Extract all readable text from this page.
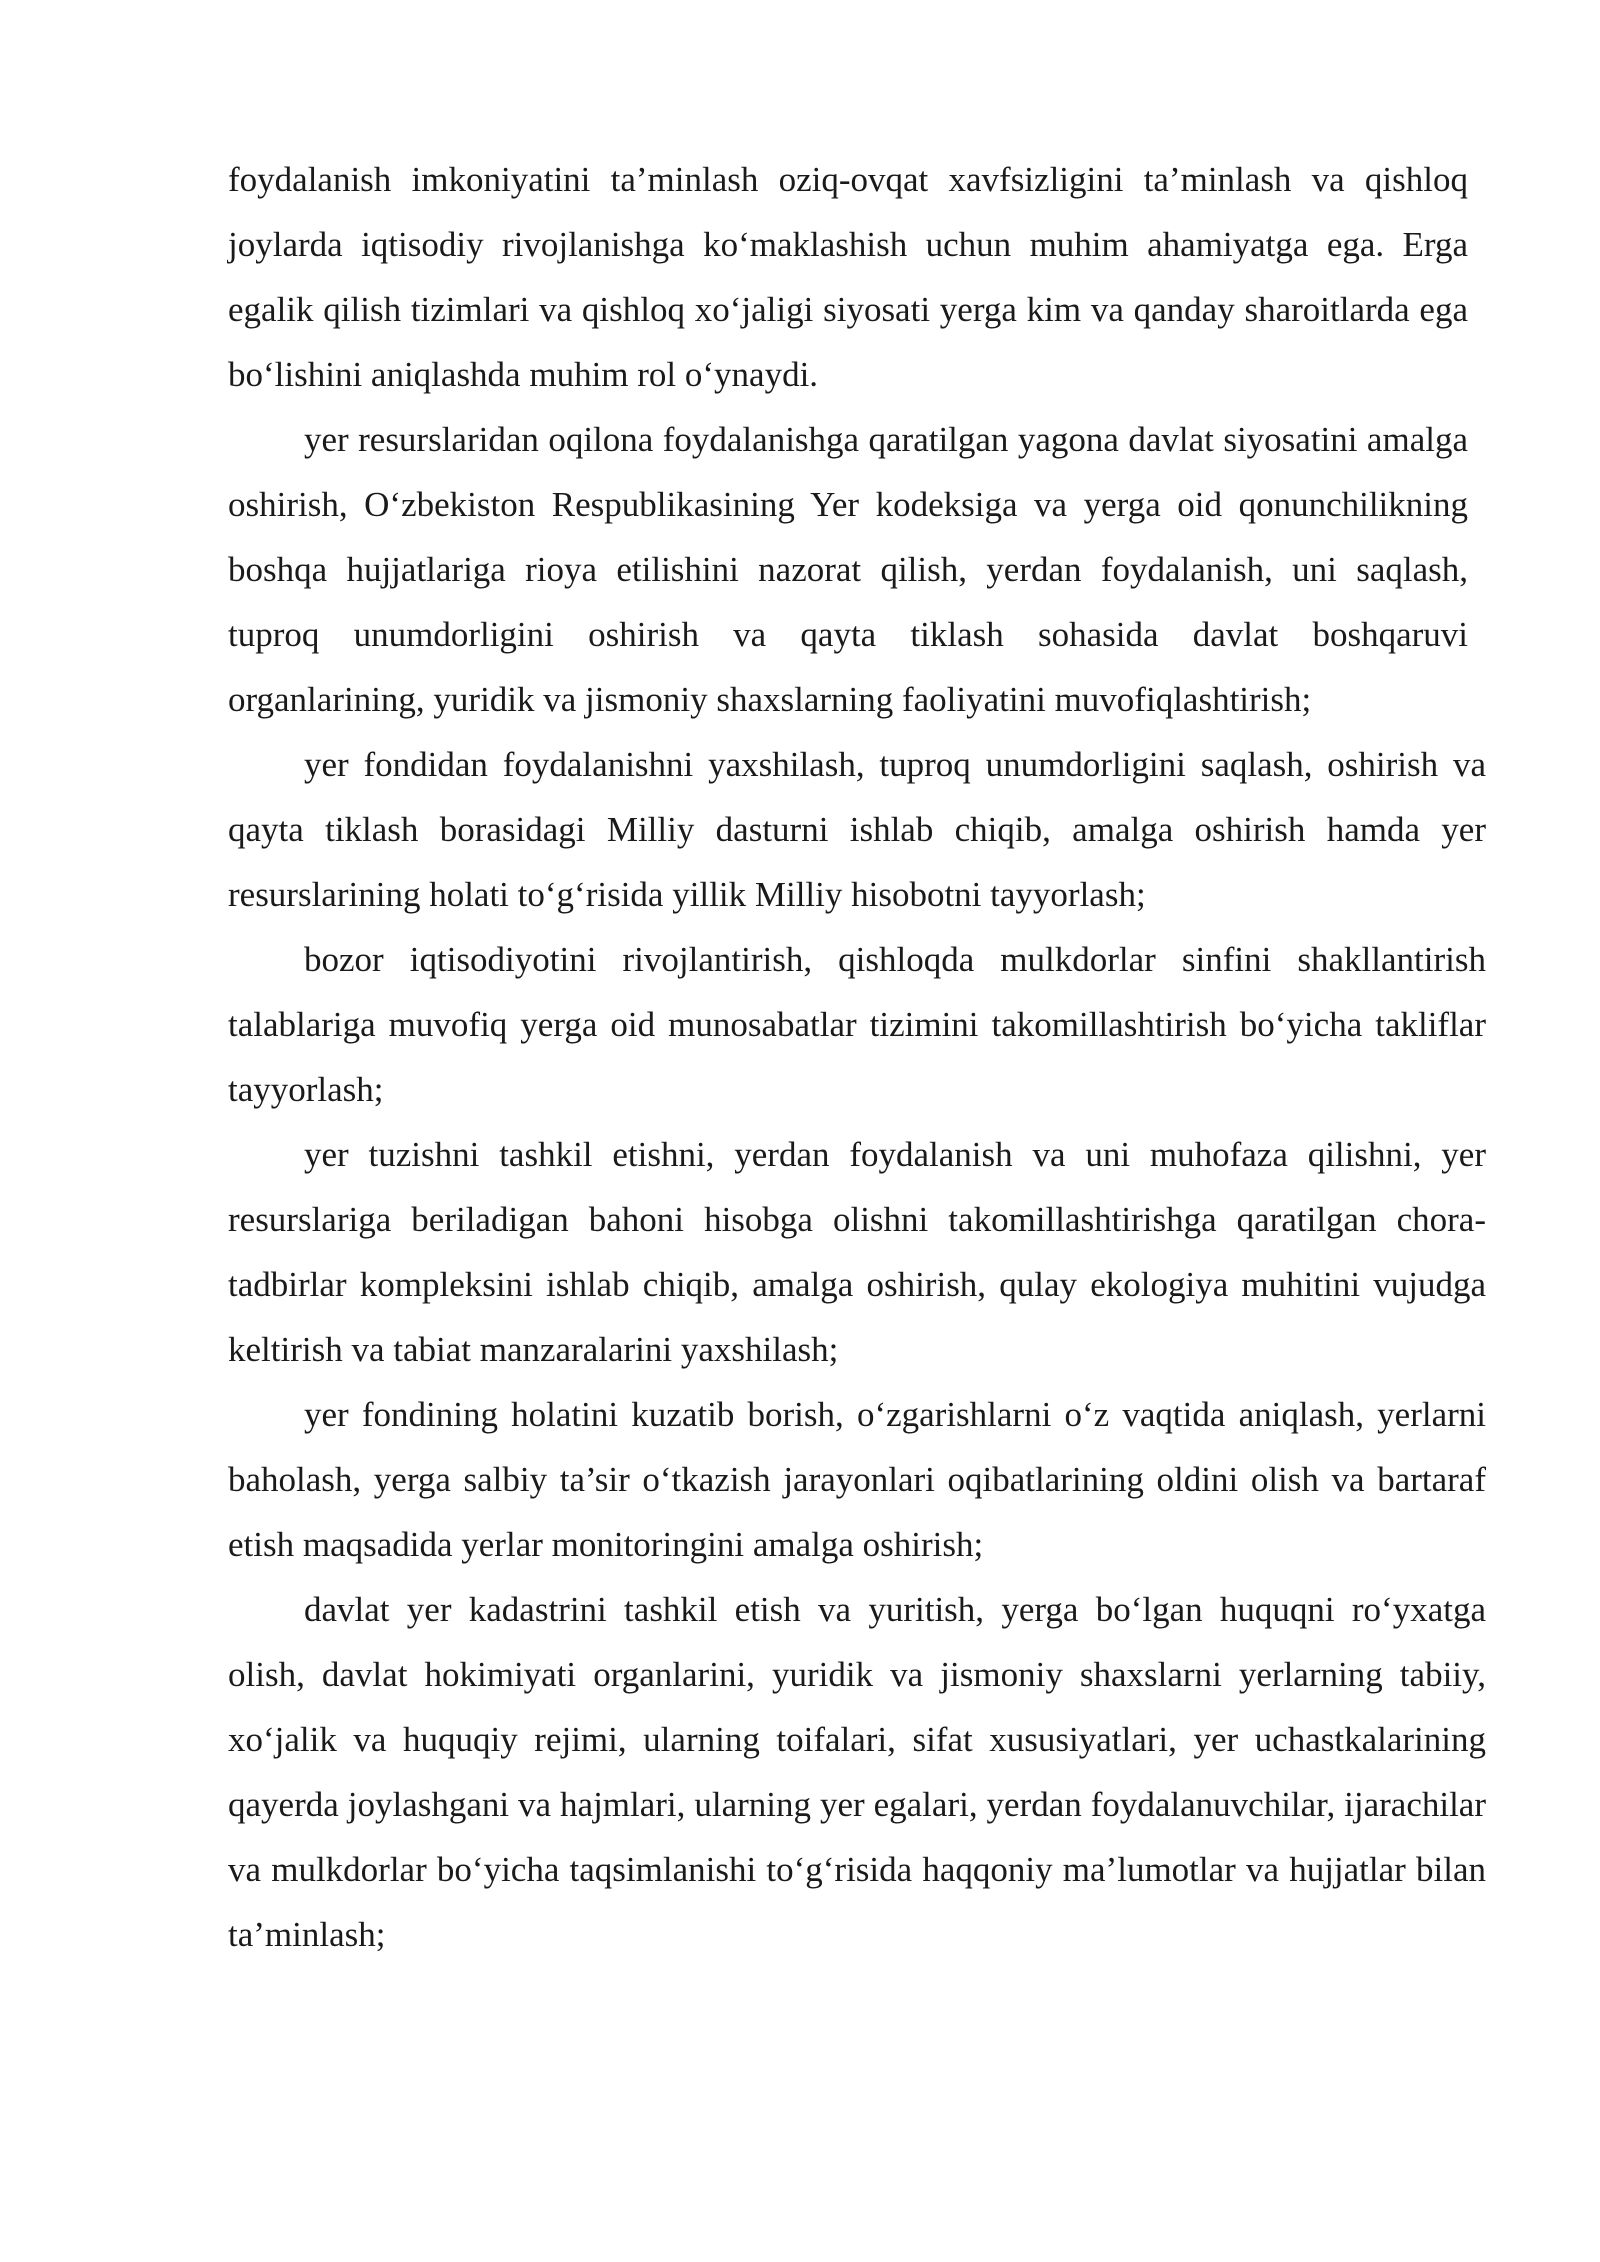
foydalanish imkoniyatini ta’minlash oziq-ovqat xavfsizligini ta’minlash va qishloq joylarda iqtisodiy rivojlanishga ko‘maklashish uchun muhim ahamiyatga ega. Erga egalik qilish tizimlari va qishloq xo‘jaligi siyosati yerga kim va qanday sharoitlarda ega bo‘lishini aniqlashda muhim rol o‘ynaydi.

yer resurslaridan oqilona foydalanishga qaratilgan yagona davlat siyosatini amalga oshirish, O‘zbekiston Respublikasining Yer kodeksiga va yerga oid qonunchilikning boshqa hujjatlariga rioya etilishini nazorat qilish, yerdan foydalanish, uni saqlash, tuproq unumdorligini oshirish va qayta tiklash sohasida davlat boshqaruvi organlarining, yuridik va jismoniy shaxslarning faoliyatini muvofiqlashtirish;

yer fondidan foydalanishni yaxshilash, tuproq unumdorligini saqlash, oshirish va qayta tiklash borasidagi Milliy dasturni ishlab chiqib, amalga oshirish hamda yer resurslarining holati to‘g‘risida yillik Milliy hisobotni tayyorlash;

bozor iqtisodiyotini rivojlantirish, qishloqda mulkdorlar sinfini shakllantirish talablariga muvofiq yerga oid munosabatlar tizimini takomillashtirish bo‘yicha takliflar tayyorlash;

yer tuzishni tashkil etishni, yerdan foydalanish va uni muhofaza qilishni, yer resurslariga beriladigan bahoni hisobga olishni takomillashtirishga qaratilgan chora-tadbirlar kompleksini ishlab chiqib, amalga oshirish, qulay ekologiya muhitini vujudga keltirish va tabiat manzaralarini yaxshilash;

yer fondining holatini kuzatib borish, o‘zgarishlarni o‘z vaqtida aniqlash, yerlarni baholash, yerga salbiy ta’sir o‘tkazish jarayonlari oqibatlarining oldini olish va bartaraf etish maqsadida yerlar monitoringini amalga oshirish;

davlat yer kadastrini tashkil etish va yuritish, yerga bo‘lgan huquqni ro‘yxatga olish, davlat hokimiyati organlarini, yuridik va jismoniy shaxslarni yerlarning tabiiy, xo‘jalik va huquqiy rejimi, ularning toifalari, sifat xususiyatlari, yer uchastkalarining qayerda joylashgani va hajmlari, ularning yer egalari, yerdan foydalanuvchilar, ijarachilar va mulkdorlar bo‘yicha taqsimlanishi to‘g‘risida haqqoniy ma’lumotlar va hujjatlar bilan ta’minlash;
